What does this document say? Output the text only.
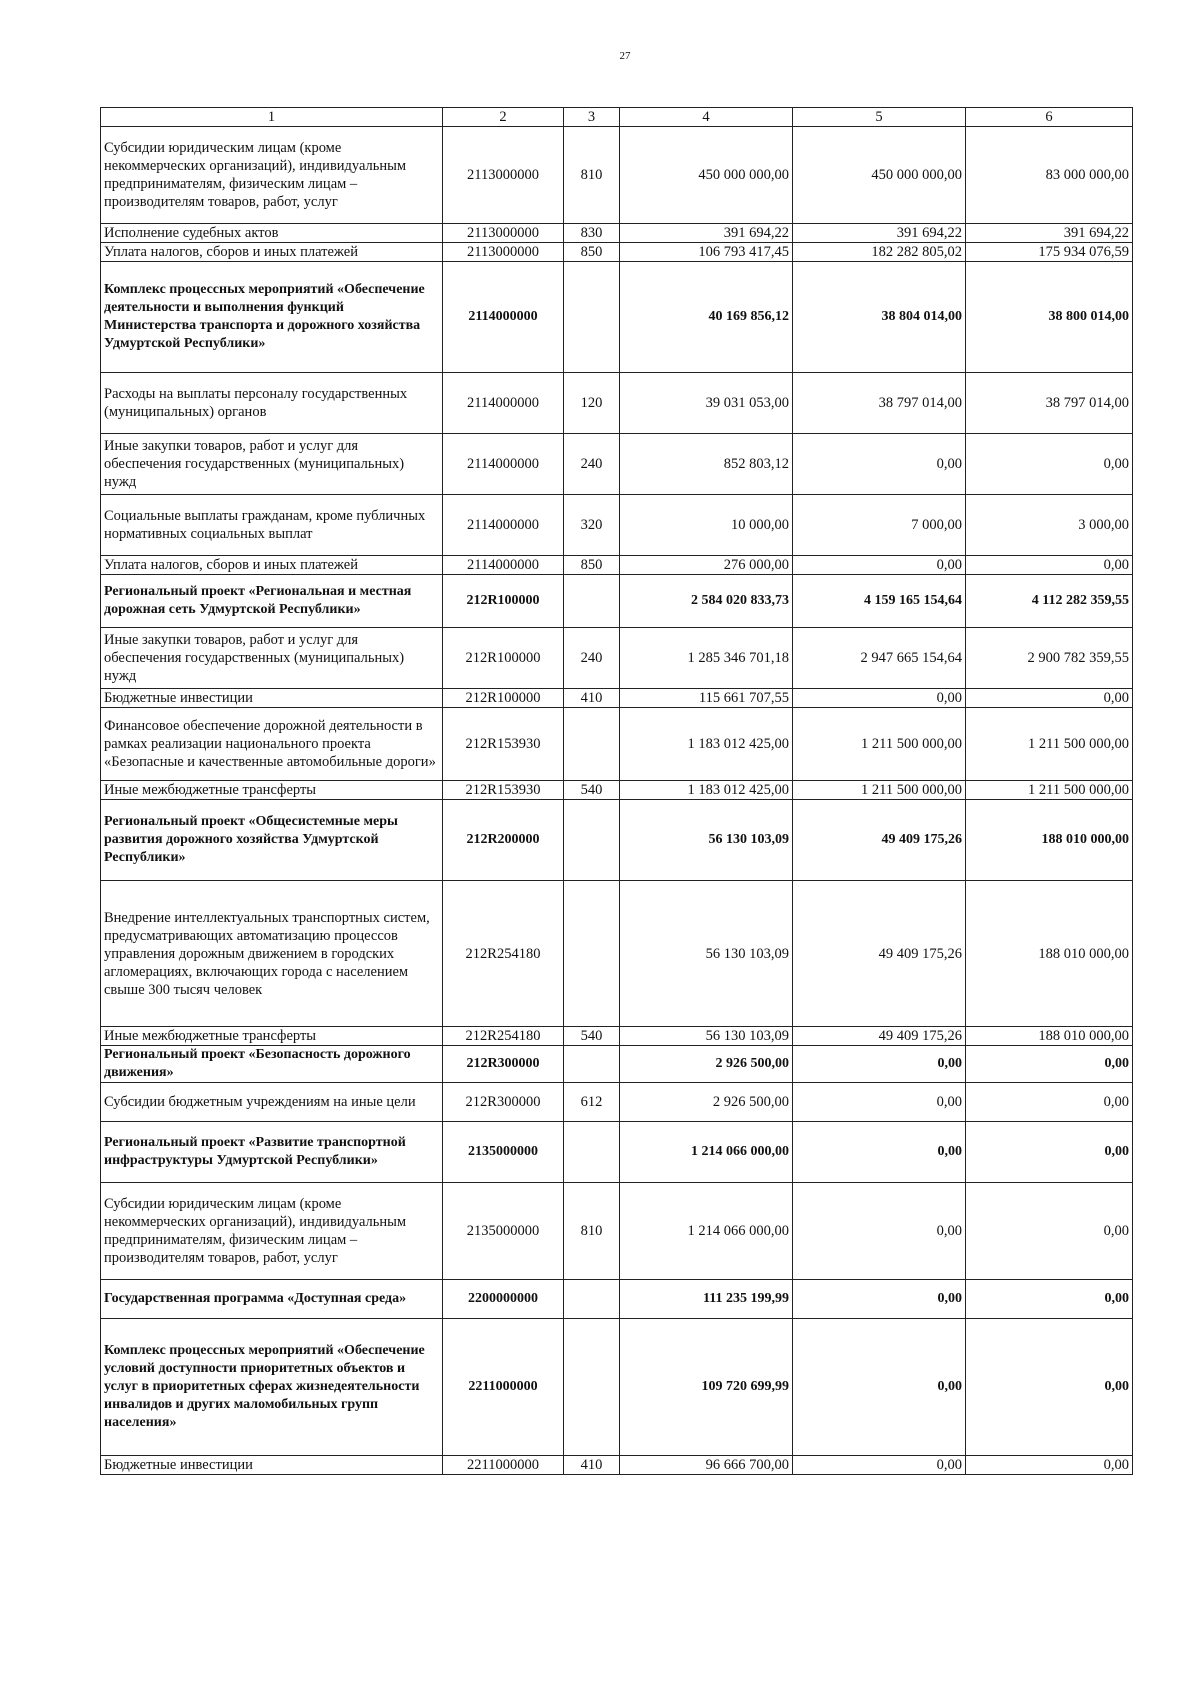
27
1	2	3	4	5	6
Субсидии юридическим лицам (кроме некоммерческих организаций), индивидуальным предпринимателям, физическим лицам – производителям товаров, работ, услуг	2113000000	810	450 000 000,00	450 000 000,00	83 000 000,00
Исполнение судебных актов	2113000000	830	391 694,22	391 694,22	391 694,22
Уплата налогов, сборов и иных платежей	2113000000	850	106 793 417,45	182 282 805,02	175 934 076,59
Комплекс процессных мероприятий «Обеспечение деятельности и выполнения функций Министерства транспорта и дорожного хозяйства Удмуртской Республики»	2114000000		40 169 856,12	38 804 014,00	38 800 014,00
Расходы на выплаты персоналу государственных (муниципальных) органов	2114000000	120	39 031 053,00	38 797 014,00	38 797 014,00
Иные закупки товаров, работ и услуг для обеспечения государственных (муниципальных) нужд	2114000000	240	852 803,12	0,00	0,00
Социальные выплаты гражданам, кроме публичных нормативных социальных выплат	2114000000	320	10 000,00	7 000,00	3 000,00
Уплата налогов, сборов и иных платежей	2114000000	850	276 000,00	0,00	0,00
Региональный проект «Региональная и местная дорожная сеть Удмуртской Республики»	212R100000		2 584 020 833,73	4 159 165 154,64	4 112 282 359,55
Иные закупки товаров, работ и услуг для обеспечения государственных (муниципальных) нужд	212R100000	240	1 285 346 701,18	2 947 665 154,64	2 900 782 359,55
Бюджетные инвестиции	212R100000	410	115 661 707,55	0,00	0,00
Финансовое обеспечение дорожной деятельности в рамках реализации национального проекта «Безопасные и качественные автомобильные дороги»	212R153930		1 183 012 425,00	1 211 500 000,00	1 211 500 000,00
Иные межбюджетные трансферты	212R153930	540	1 183 012 425,00	1 211 500 000,00	1 211 500 000,00
Региональный проект «Общесистемные меры развития дорожного хозяйства Удмуртской Республики»	212R200000		56 130 103,09	49 409 175,26	188 010 000,00
Внедрение интеллектуальных транспортных систем, предусматривающих автоматизацию процессов управления дорожным движением в городских агломерациях, включающих города с населением свыше 300 тысяч человек	212R254180		56 130 103,09	49 409 175,26	188 010 000,00
Иные межбюджетные трансферты	212R254180	540	56 130 103,09	49 409 175,26	188 010 000,00
Региональный проект «Безопасность дорожного движения»	212R300000		2 926 500,00	0,00	0,00
Субсидии бюджетным учреждениям на иные цели	212R300000	612	2 926 500,00	0,00	0,00
Региональный проект «Развитие транспортной инфраструктуры Удмуртской Республики»	2135000000		1 214 066 000,00	0,00	0,00
Субсидии юридическим лицам (кроме некоммерческих организаций), индивидуальным предпринимателям, физическим лицам – производителям товаров, работ, услуг	2135000000	810	1 214 066 000,00	0,00	0,00
Государственная программа «Доступная среда»	2200000000		111 235 199,99	0,00	0,00
Комплекс процессных мероприятий «Обеспечение условий доступности приоритетных объектов и услуг в приоритетных сферах жизнедеятельности инвалидов и других маломобильных групп населения»	2211000000		109 720 699,99	0,00	0,00
Бюджетные инвестиции	2211000000	410	96 666 700,00	0,00	0,00
